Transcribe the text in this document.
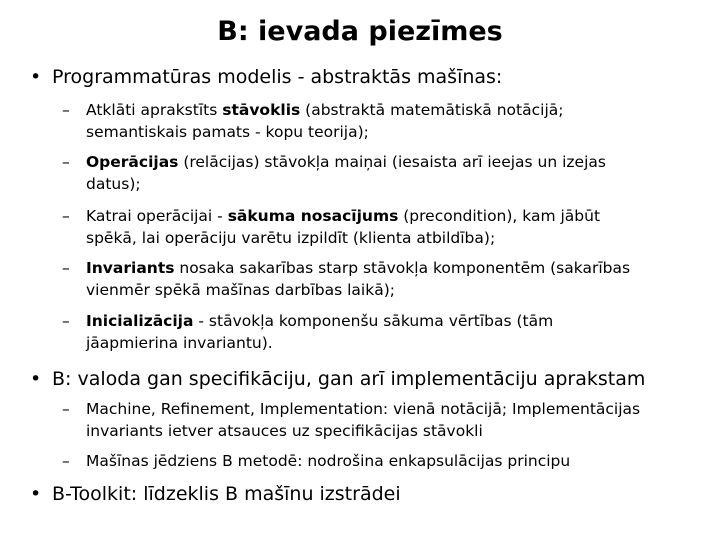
B: ievada piezīmes
• Programmatūras modelis - abstraktās mašīnas:
– Atklāti aprakstīts stāvoklis (abstraktā matemātiskā notācijā;
semantiskais pamats - kopu teorija);
– Operācijas (relācijas) stāvokļa maiņai (iesaista arī ieejas un izejas
datus);
– Katrai operācijai - sākuma nosacījums (precondition), kam jābūt
spēkā, lai operāciju varētu izpildīt (klienta atbildība);
– Invariants nosaka sakarības starp stāvokļa komponentēm (sakarības
vienmēr spēkā mašīnas darbības laikā);
– Inicializācija - stāvokļa komponenšu sākuma vērtības (tām
jāapmierina invariantu).
• B: valoda gan specifikāciju, gan arī implementāciju aprakstam
– Machine, Refinement, Implementation: vienā notācijā; Implementācijas
invariants ietver atsauces uz specifikācijas stāvokli
– Mašīnas jēdziens B metodē: nodrošina enkapsulācijas principu
• B-Toolkit: līdzeklis B mašīnu izstrādei
